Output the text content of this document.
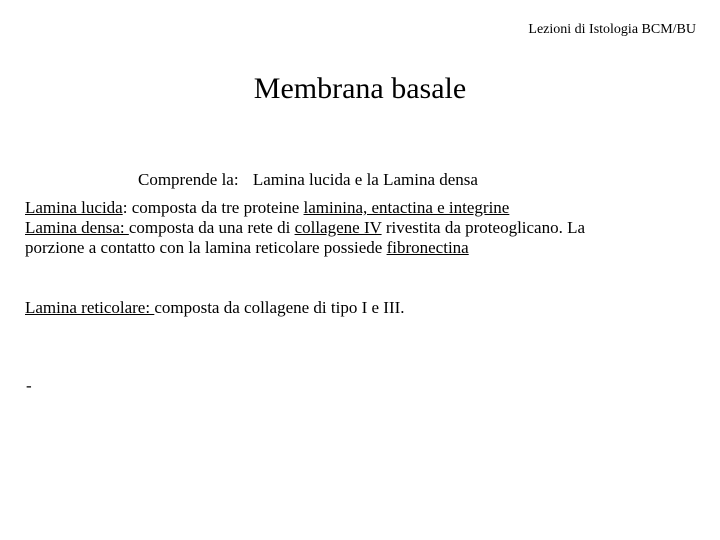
Lezioni di Istologia BCM/BU
Membrana basale
Comprende la: Lamina lucida e la Lamina densa
Lamina lucida: composta da tre proteine laminina, entactina e integrine
Lamina densa: composta da una rete di collagene IV rivestita da proteoglicano. La
porzione a contatto con la lamina reticolare possiede fibronectina
Lamina reticolare: composta da collagene di tipo I e III.
-
